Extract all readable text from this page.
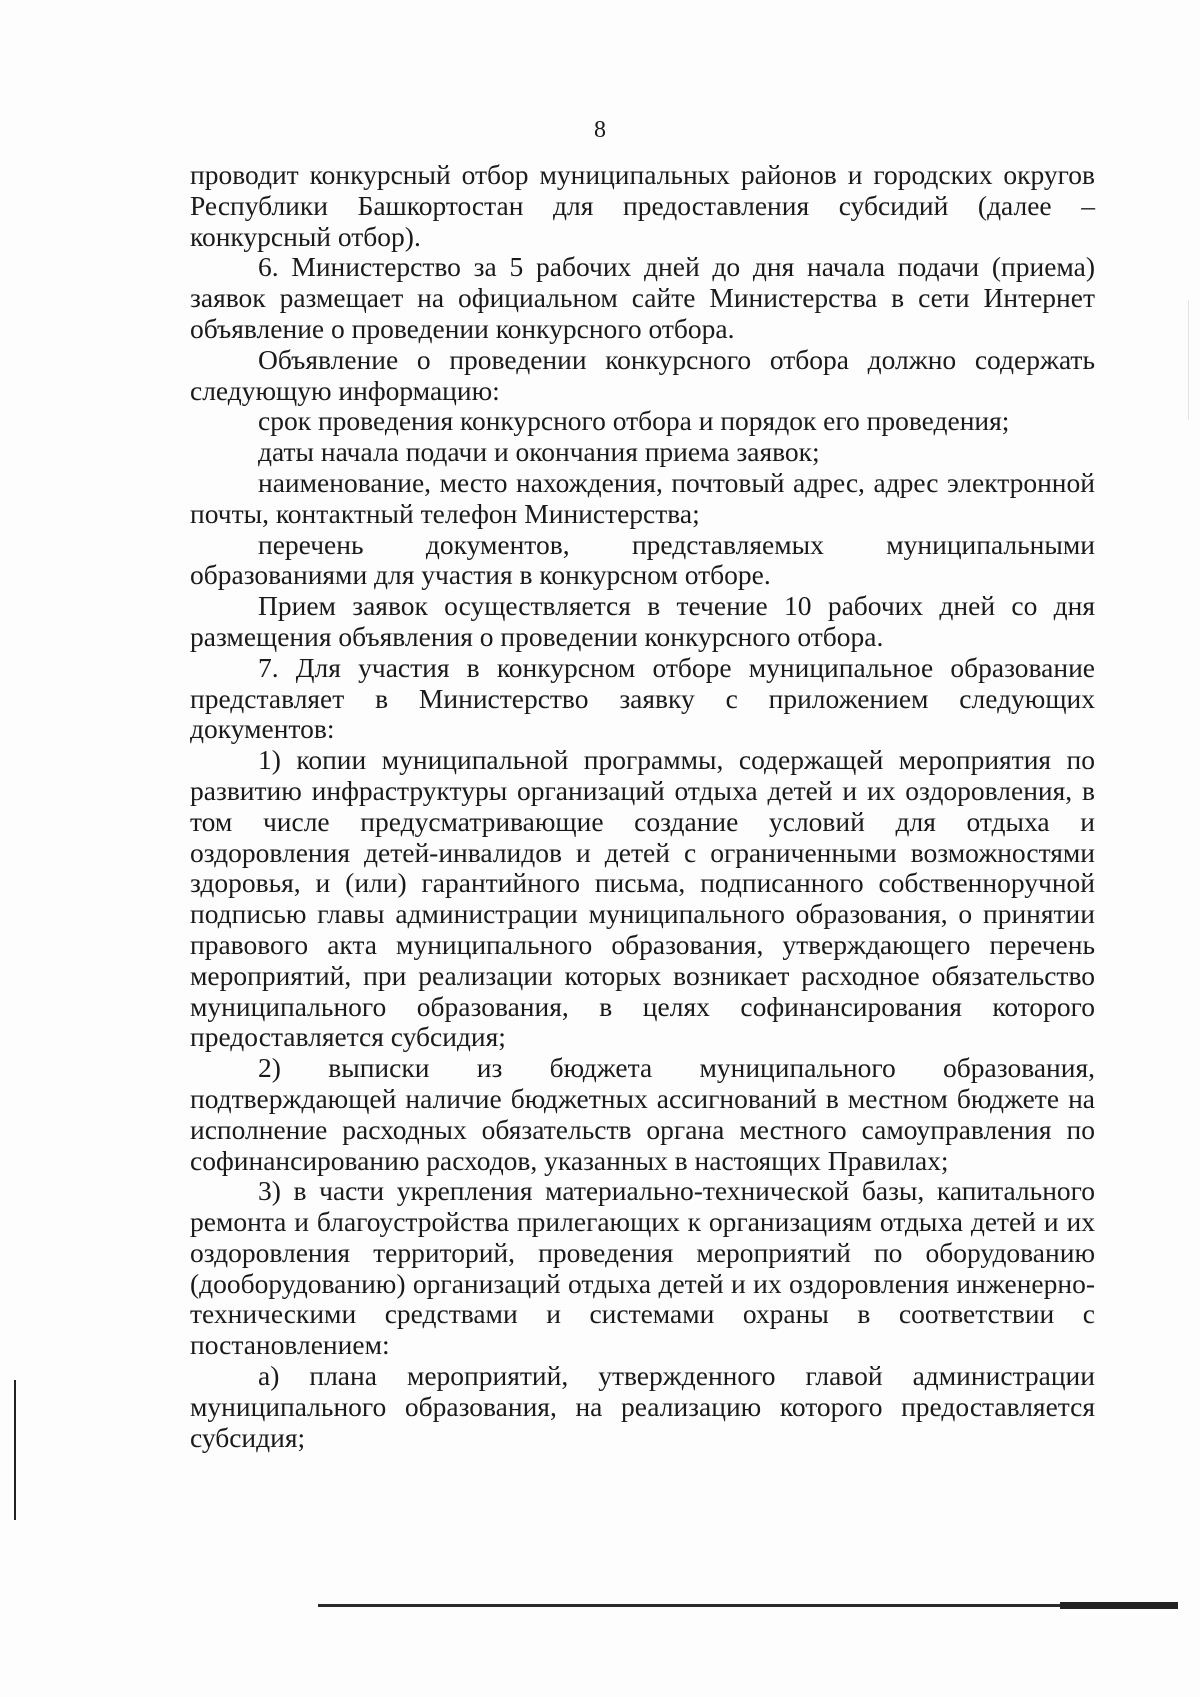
8

проводит конкурсный отбор муниципальных районов и городских округов Республики Башкортостан для предоставления субсидий (далее – конкурсный отбор).

6. Министерство за 5 рабочих дней до дня начала подачи (приема) заявок размещает на официальном сайте Министерства в сети Интернет объявление о проведении конкурсного отбора.

Объявление о проведении конкурсного отбора должно содержать следующую информацию:

срок проведения конкурсного отбора и порядок его проведения;

даты начала подачи и окончания приема заявок;

наименование, место нахождения, почтовый адрес, адрес электронной почты, контактный телефон Министерства;

перечень документов, представляемых муниципальными образованиями для участия в конкурсном отборе.

Прием заявок осуществляется в течение 10 рабочих дней со дня размещения объявления о проведении конкурсного отбора.

7. Для участия в конкурсном отборе муниципальное образование представляет в Министерство заявку с приложением следующих документов:

1) копии муниципальной программы, содержащей мероприятия по развитию инфраструктуры организаций отдыха детей и их оздоровления, в том числе предусматривающие создание условий для отдыха и оздоровления детей-инвалидов и детей с ограниченными возможностями здоровья, и (или) гарантийного письма, подписанного собственноручной подписью главы администрации муниципального образования, о принятии правового акта муниципального образования, утверждающего перечень мероприятий, при реализации которых возникает расходное обязательство муниципального образования, в целях софинансирования которого предоставляется субсидия;

2) выписки из бюджета муниципального образования, подтверждающей наличие бюджетных ассигнований в местном бюджете на исполнение расходных обязательств органа местного самоуправления по софинансированию расходов, указанных в настоящих Правилах;

3) в части укрепления материально-технической базы, капитального ремонта и благоустройства прилегающих к организациям отдыха детей и их оздоровления территорий, проведения мероприятий по оборудованию (дооборудованию) организаций отдыха детей и их оздоровления инженерно-техническими средствами и системами охраны в соответствии с постановлением:

а) плана мероприятий, утвержденного главой администрации муниципального образования, на реализацию которого предоставляется субсидия;
